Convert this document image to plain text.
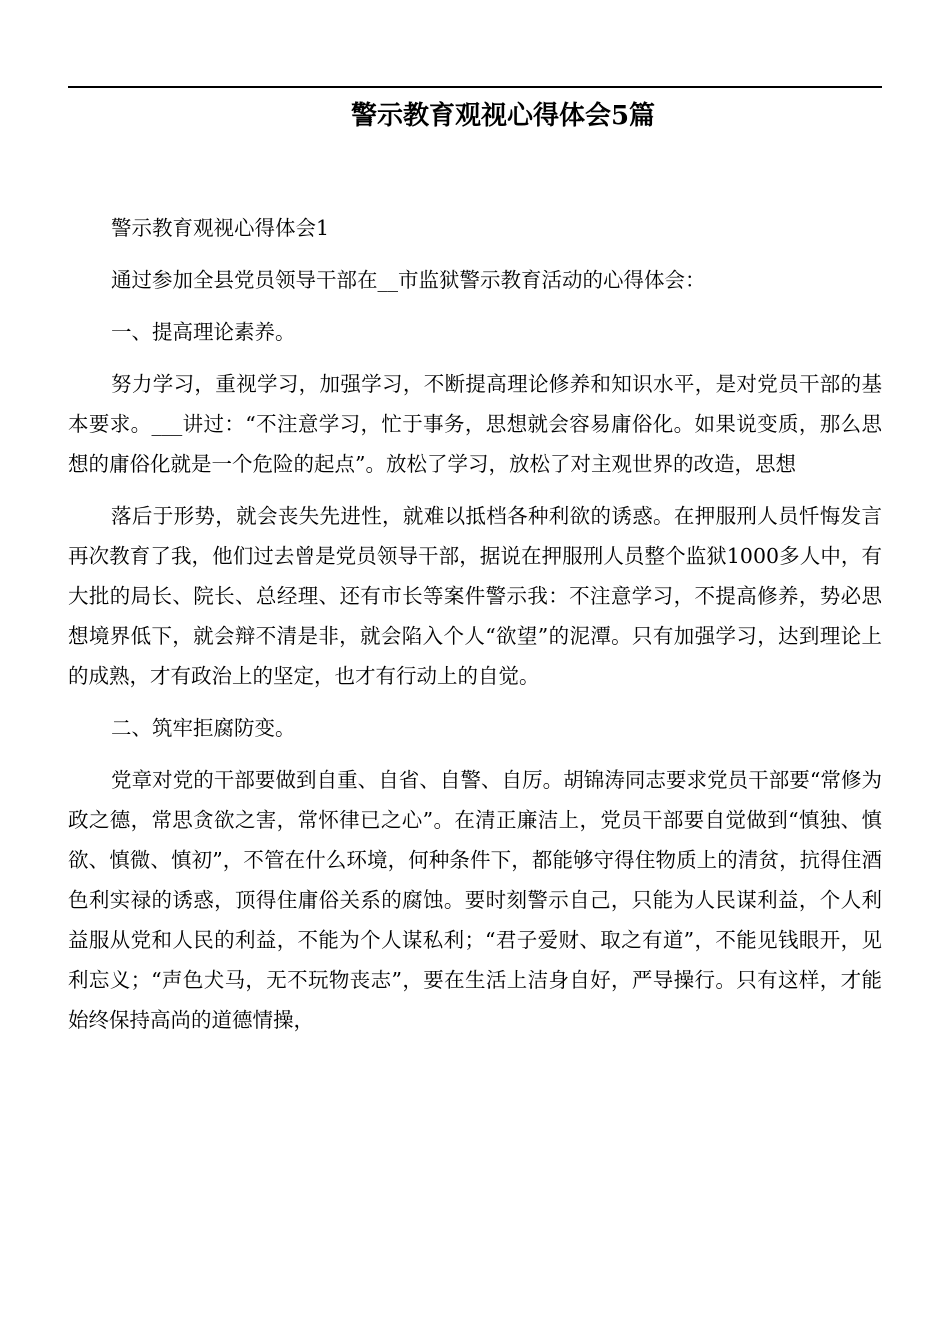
警示教育观视心得体会5篇

警示教育观视心得体会1

通过参加全县党员领导干部在__市监狱警示教育活动的心得体会：

一、提高理论素养。

努力学习，重视学习，加强学习，不断提高理论修养和知识水平，是对党员干部的基本要求。___讲过：“不注意学习，忙于事务，思想就会容易庸俗化。如果说变质，那么思想的庸俗化就是一个危险的起点”。放松了学习，放松了对主观世界的改造，思想

落后于形势，就会丧失先进性，就难以抵档各种利欲的诱惑。在押服刑人员忏悔发言再次教育了我，他们过去曾是党员领导干部，据说在押服刑人员整个监狱1000多人中，有大批的局长、院长、总经理、还有市长等案件警示我：不注意学习，不提高修养，势必思想境界低下，就会辩不清是非，就会陷入个人“欲望”的泥潭。只有加强学习，达到理论上的成熟，才有政治上的坚定，也才有行动上的自觉。

二、筑牢拒腐防变。

党章对党的干部要做到自重、自省、自警、自厉。胡锦涛同志要求党员干部要“常修为政之德，常思贪欲之害，常怀律已之心”。在清正廉洁上，党员干部要自觉做到“慎独、慎欲、慎微、慎初”，不管在什么环境，何种条件下，都能够守得住物质上的清贫，抗得住酒色利实禄的诱惑，顶得住庸俗关系的腐蚀。要时刻警示自己，只能为人民谋利益，个人利益服从党和人民的利益，不能为个人谋私利；“君子爱财、取之有道”，不能见钱眼开，见利忘义；“声色犬马，无不玩物丧志”，要在生活上洁身自好，严导操行。只有这样，才能始终保持高尚的道德情操，
